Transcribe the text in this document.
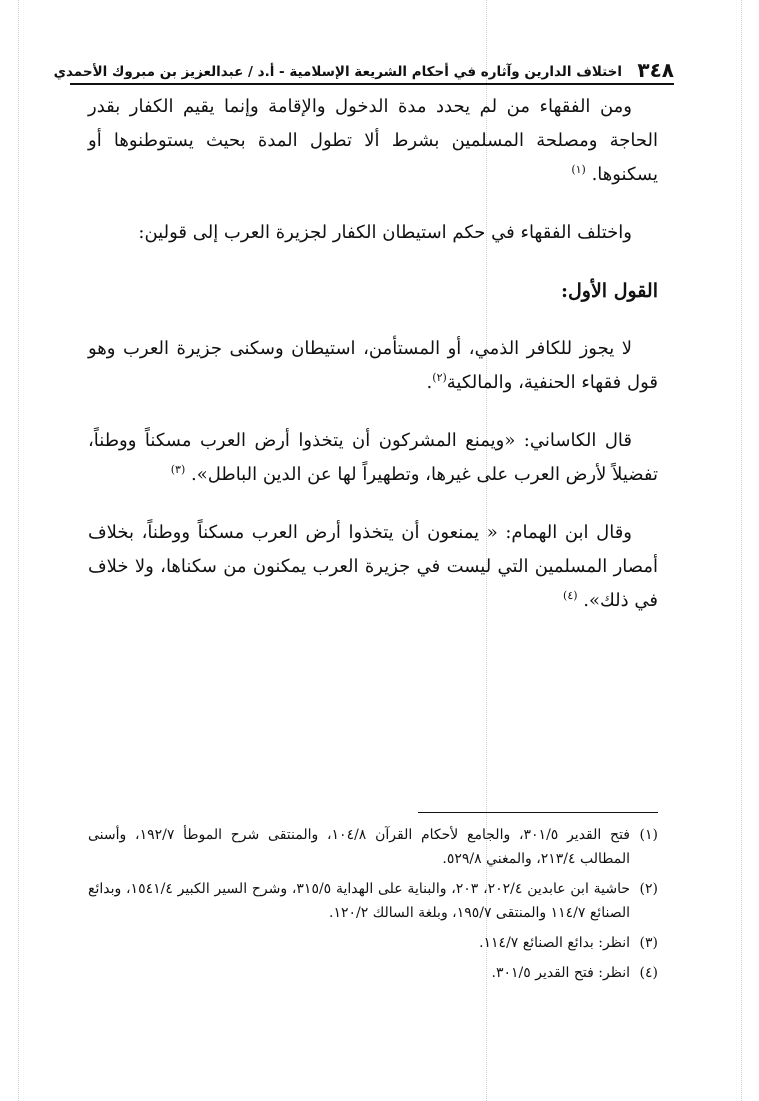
٣٤٨
اختلاف الدارين وآثاره في أحكام الشريعة الإسلامية - أ.د / عبدالعزيز بن مبروك الأحمدي

ومن الفقهاء من لم يحدد مدة الدخول والإقامة وإنما يقيم الكفار بقدر الحاجة ومصلحة المسلمين بشرط ألا تطول المدة بحيث يستوطنوها أو يسكنوها. $^{(١)}$

واختلف الفقهاء في حكم استيطان الكفار لجزيرة العرب إلى قولين:

القول الأول:

لا يجوز للكافر الذمي، أو المستأمن، استيطان وسكنى جزيرة العرب وهو قول فقهاء الحنفية، والمالكية$^{(٢)}$.

قال الكاساني: «ويمنع المشركون أن يتخذوا أرض العرب مسكناً ووطناً، تفضيلاً لأرض العرب على غيرها، وتطهيراً لها عن الدين الباطل». $^{(٣)}$

وقال ابن الهمام: « يمنعون أن يتخذوا أرض العرب مسكناً ووطناً، بخلاف أمصار المسلمين التي ليست في جزيرة العرب يمكنون من سكناها، ولا خلاف في ذلك». $^{(٤)}$

(١)
فتح القدير ٣٠١/٥، والجامع لأحكام القرآن ١٠٤/٨، والمنتقى شرح الموطأ ١٩٢/٧، وأسنى المطالب ٢١٣/٤، والمغني ٥٢٩/٨.

(٢)
حاشية ابن عابدين ٢٠٢/٤، ٢٠٣، والبناية على الهداية ٣١٥/٥، وشرح السير الكبير ١٥٤١/٤، وبدائع الصنائع ١١٤/٧ والمنتقى ١٩٥/٧، وبلغة السالك ١٢٠/٢.

(٣)
انظر: بدائع الصنائع ١١٤/٧.

(٤)
انظر: فتح القدير ٣٠١/٥.
